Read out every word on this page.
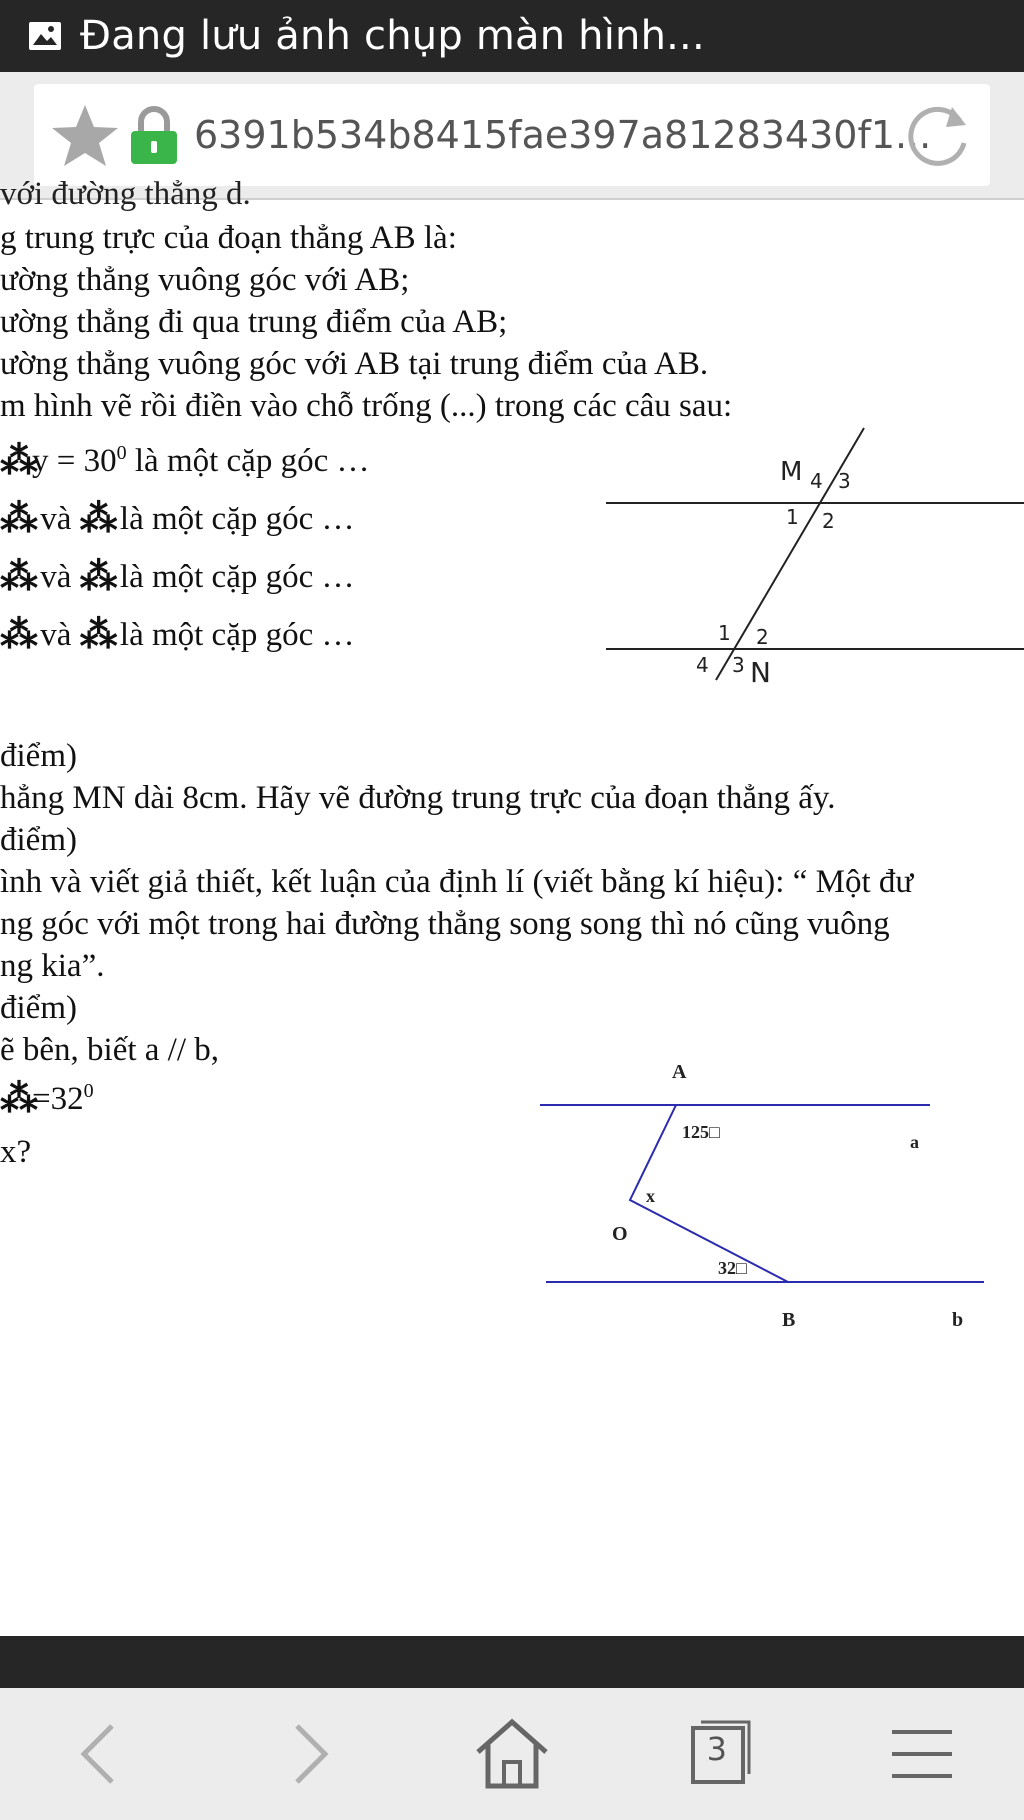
Đang lưu ảnh chụp màn hình...
6391b534b8415fae397a81283430f1...
với đường thẳng d.
g trung trực của đoạn thẳng AB là:
ường thẳng vuông góc với AB;
ường thẳng đi qua trung điểm của AB;
ường thẳng vuông góc với AB tại trung điểm của AB.
m hình vẽ rồi điền vào chỗ trống (...) trong các câu sau:
⁂y = $30^0$ là một cặp góc …
⁂ và ⁂ là một cặp góc …
⁂ và ⁂ là một cặp góc …
⁂ và ⁂ là một cặp góc …
M 4 3
1 2
1 2
4 3 N
điểm)
hẳng MN dài 8cm. Hãy vẽ đường trung trực của đoạn thẳng ấy.
điểm)
ình và viết giả thiết, kết luận của định lí (viết bằng kí hiệu): “ Một đư
ng góc với một trong hai đường thẳng song song thì nó cũng vuông
ng kia”.
điểm)
ẽ bên, biết a // b,
$⁂=32^0$
x?
A
125□	a
x
O
32□
B	b
3
